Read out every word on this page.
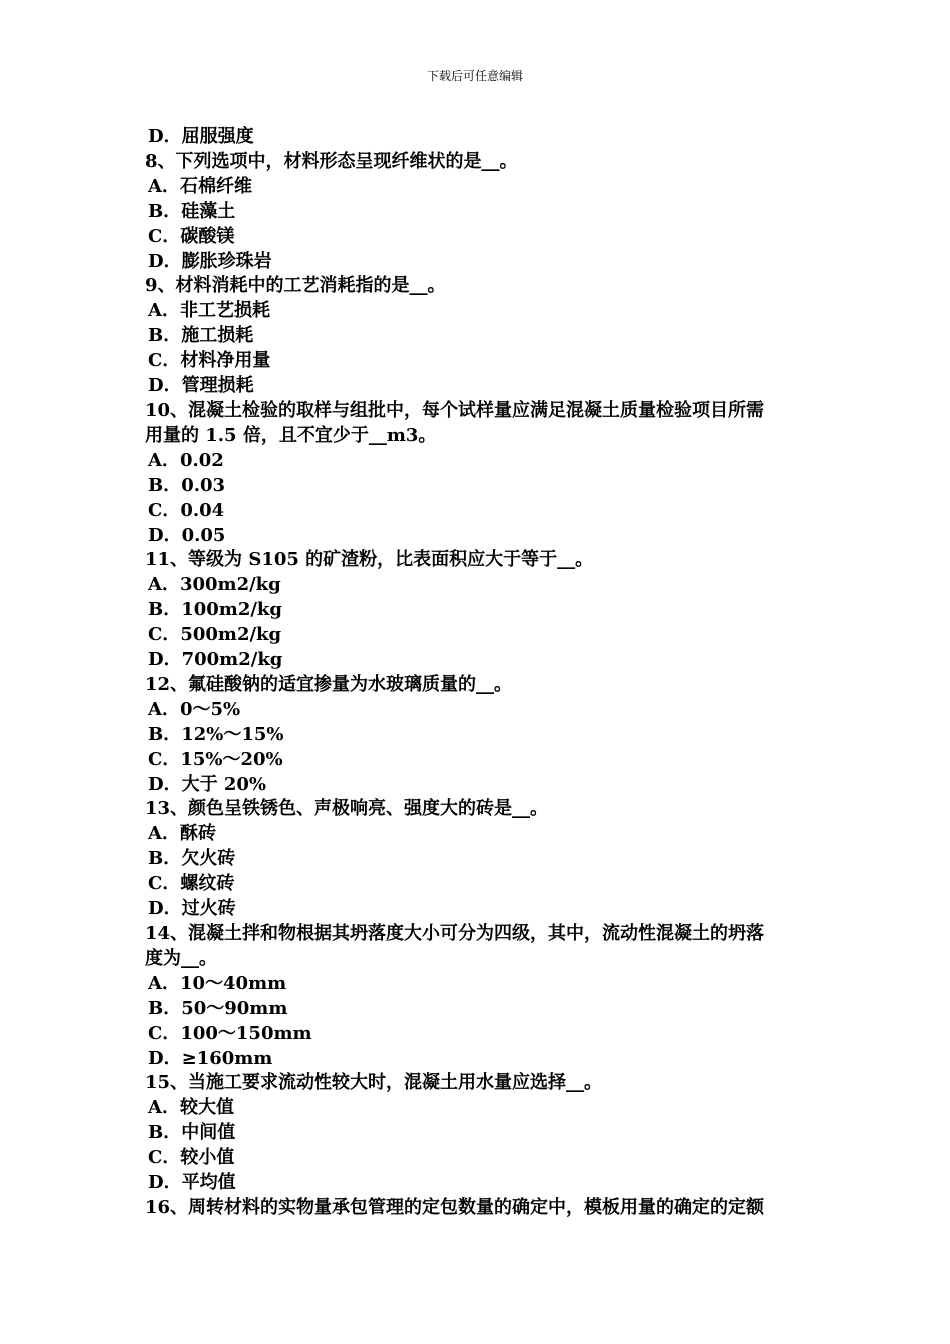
下载后可任意编辑
D．屈服强度
8、下列选项中，材料形态呈现纤维状的是__。
A．石棉纤维
B．硅藻土
C．碳酸镁
D．膨胀珍珠岩
9、材料消耗中的工艺消耗指的是__。
A．非工艺损耗
B．施工损耗
C．材料净用量
D．管理损耗
10、混凝土检验的取样与组批中，每个试样量应满足混凝土质量检验项目所需
用量的 1.5 倍，且不宜少于__m3。
A．0.02
B．0.03
C．0.04
D．0.05
11、等级为 S105 的矿渣粉，比表面积应大于等于__。
A．300m2/kg
B．100m2/kg
C．500m2/kg
D．700m2/kg
12、氟硅酸钠的适宜掺量为水玻璃质量的__。
A．0～5%
B．12%～15%
C．15%～20%
D．大于 20%
13、颜色呈铁锈色、声极响亮、强度大的砖是__。
A．酥砖
B．欠火砖
C．螺纹砖
D．过火砖
14、混凝土拌和物根据其坍落度大小可分为四级，其中，流动性混凝土的坍落
度为__。
A．10～40mm
B．50～90mm
C．100～150mm
D．≥160mm
15、当施工要求流动性较大时，混凝土用水量应选择__。
A．较大值
B．中间值
C．较小值
D．平均值
16、周转材料的实物量承包管理的定包数量的确定中，模板用量的确定的定额
